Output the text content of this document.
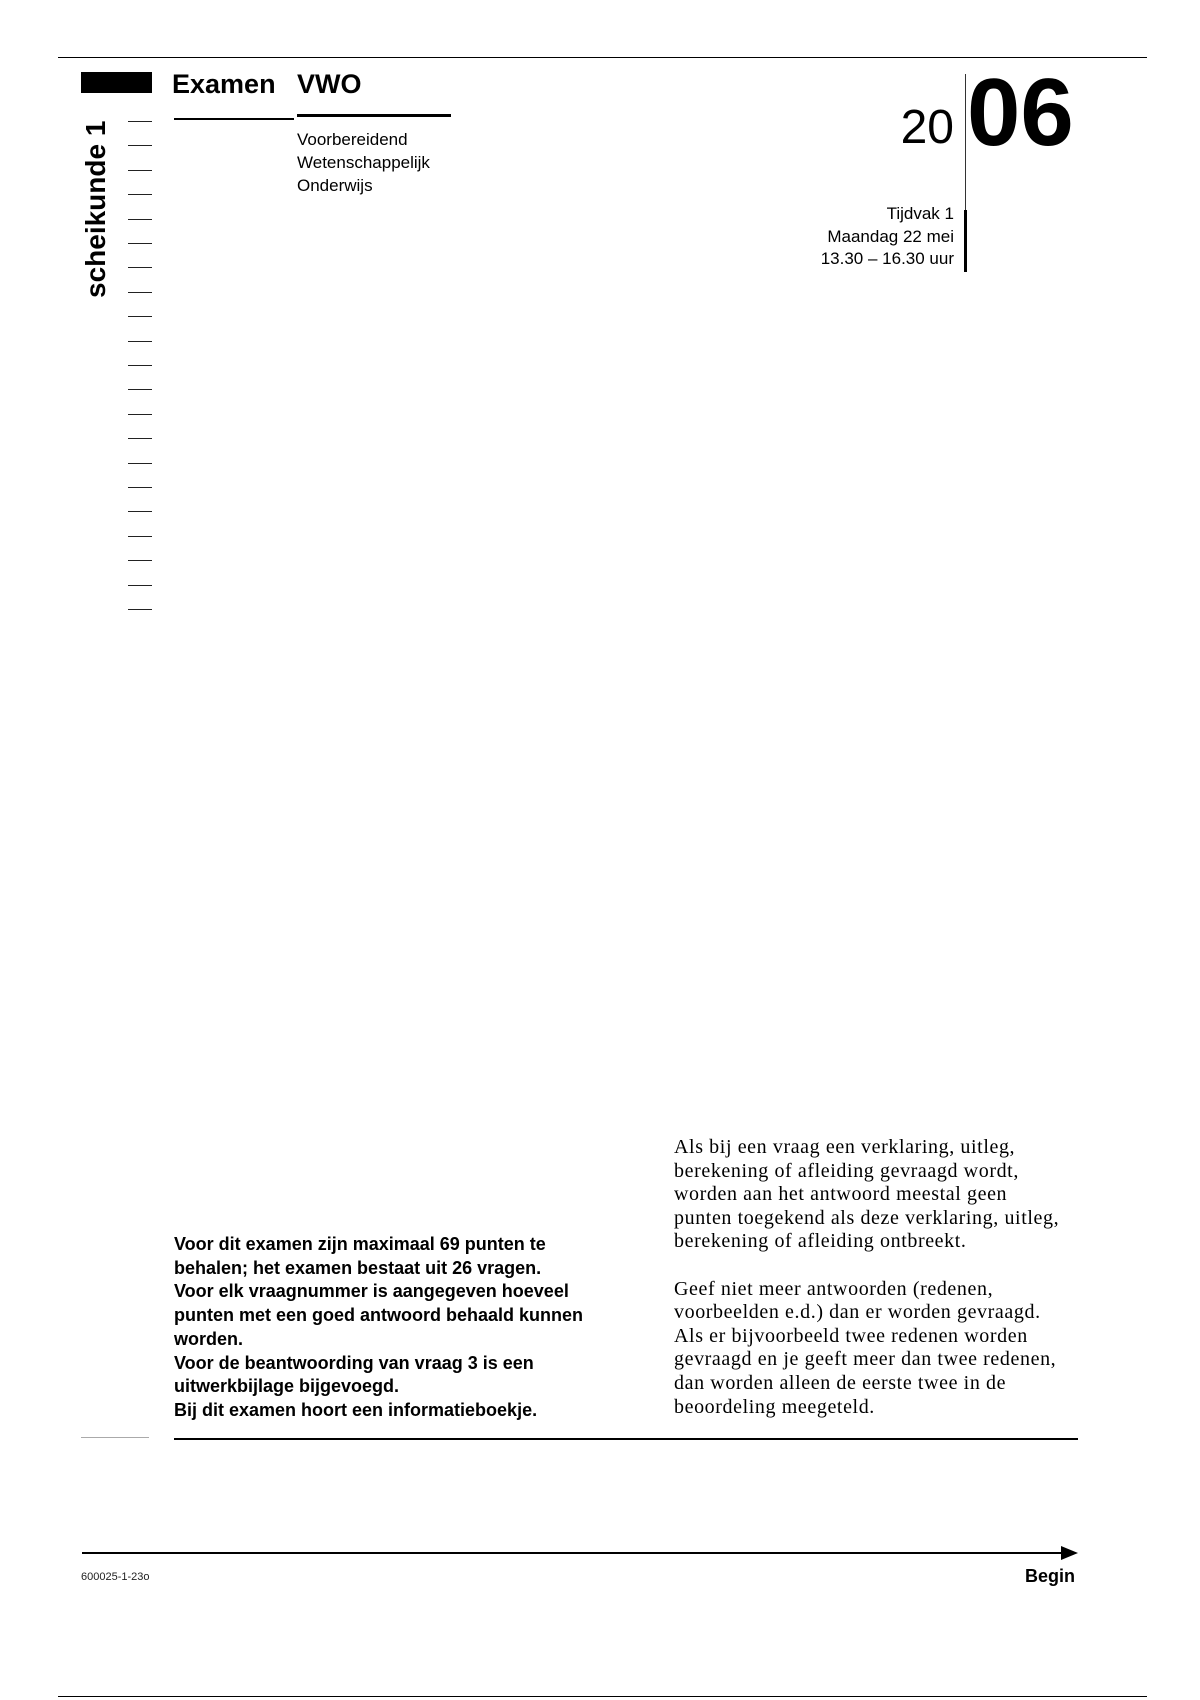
scheikunde 1
Examen VWO
Voorbereidend
Wetenschappelijk
Onderwijs
20 06
Tijdvak 1
Maandag 22 mei
13.30 – 16.30 uur
Voor dit examen zijn maximaal 69 punten te
behalen; het examen bestaat uit 26 vragen.
Voor elk vraagnummer is aangegeven hoeveel
punten met een goed antwoord behaald kunnen
worden.
Voor de beantwoording van vraag 3 is een
uitwerkbijlage bijgevoegd.
Bij dit examen hoort een informatieboekje.
Als bij een vraag een verklaring, uitleg,
berekening of afleiding gevraagd wordt,
worden aan het antwoord meestal geen
punten toegekend als deze verklaring, uitleg,
berekening of afleiding ontbreekt.
Geef niet meer antwoorden (redenen,
voorbeelden e.d.) dan er worden gevraagd.
Als er bijvoorbeeld twee redenen worden
gevraagd en je geeft meer dan twee redenen,
dan worden alleen de eerste twee in de
beoordeling meegeteld.
600025-1-23o	Begin
